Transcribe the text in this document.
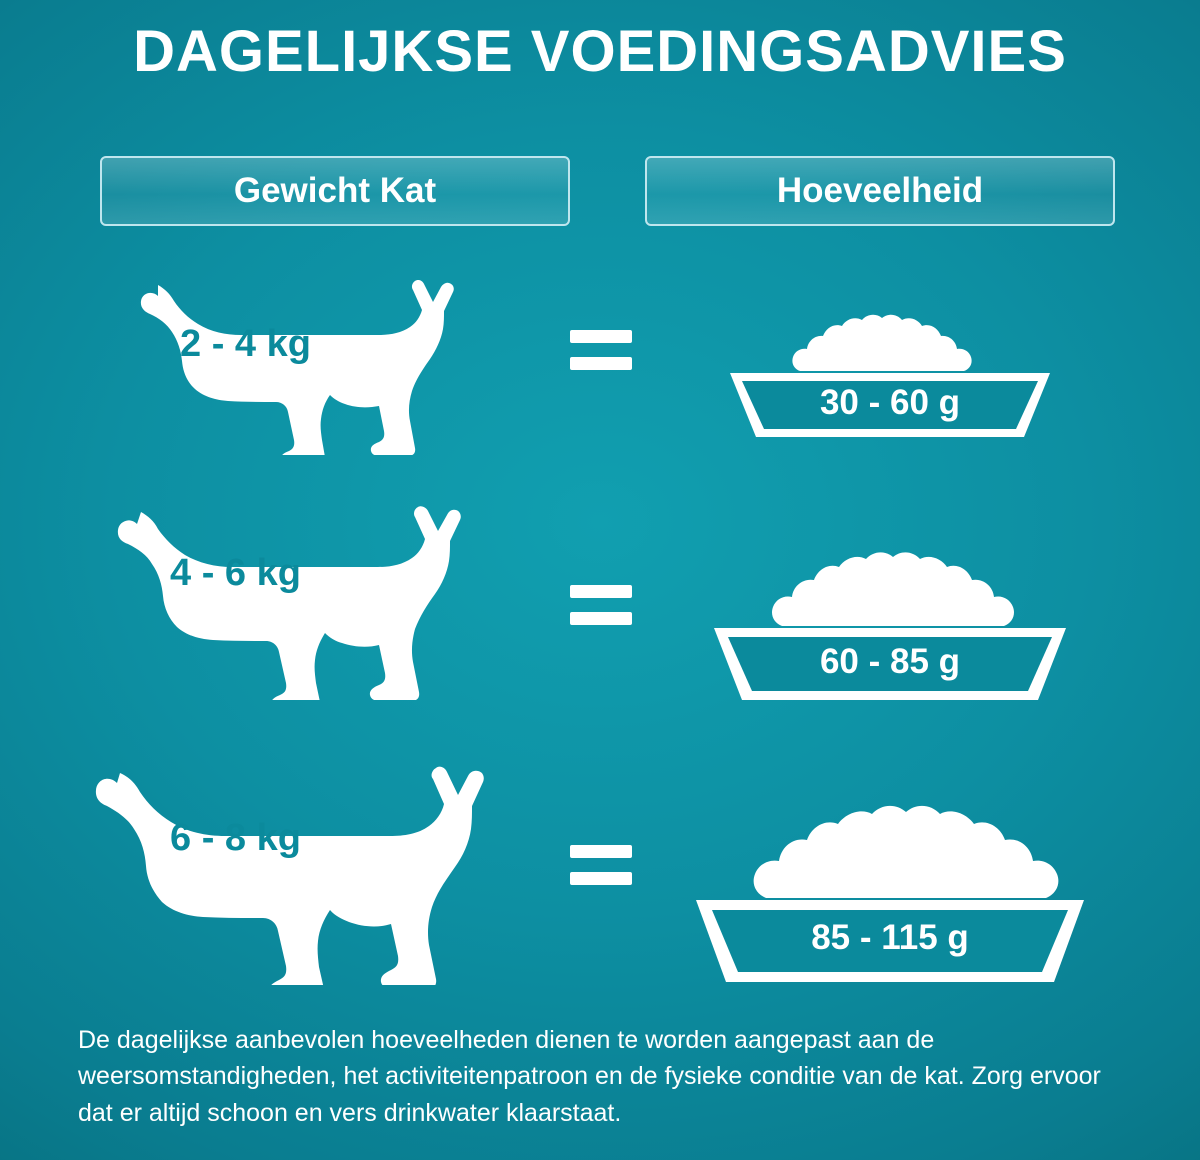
DAGELIJKSE VOEDINGSADVIES
Gewicht Kat	Hoeveelheid
2 - 4 kg
30 - 60 g
4 - 6 kg
60 - 85 g
6 - 8 kg
85 - 115 g
De dagelijkse aanbevolen hoeveelheden dienen te worden aangepast aan de weersomstandigheden, het activiteitenpatroon en de fysieke conditie van de kat. Zorg ervoor dat er altijd schoon en vers drinkwater klaarstaat.
